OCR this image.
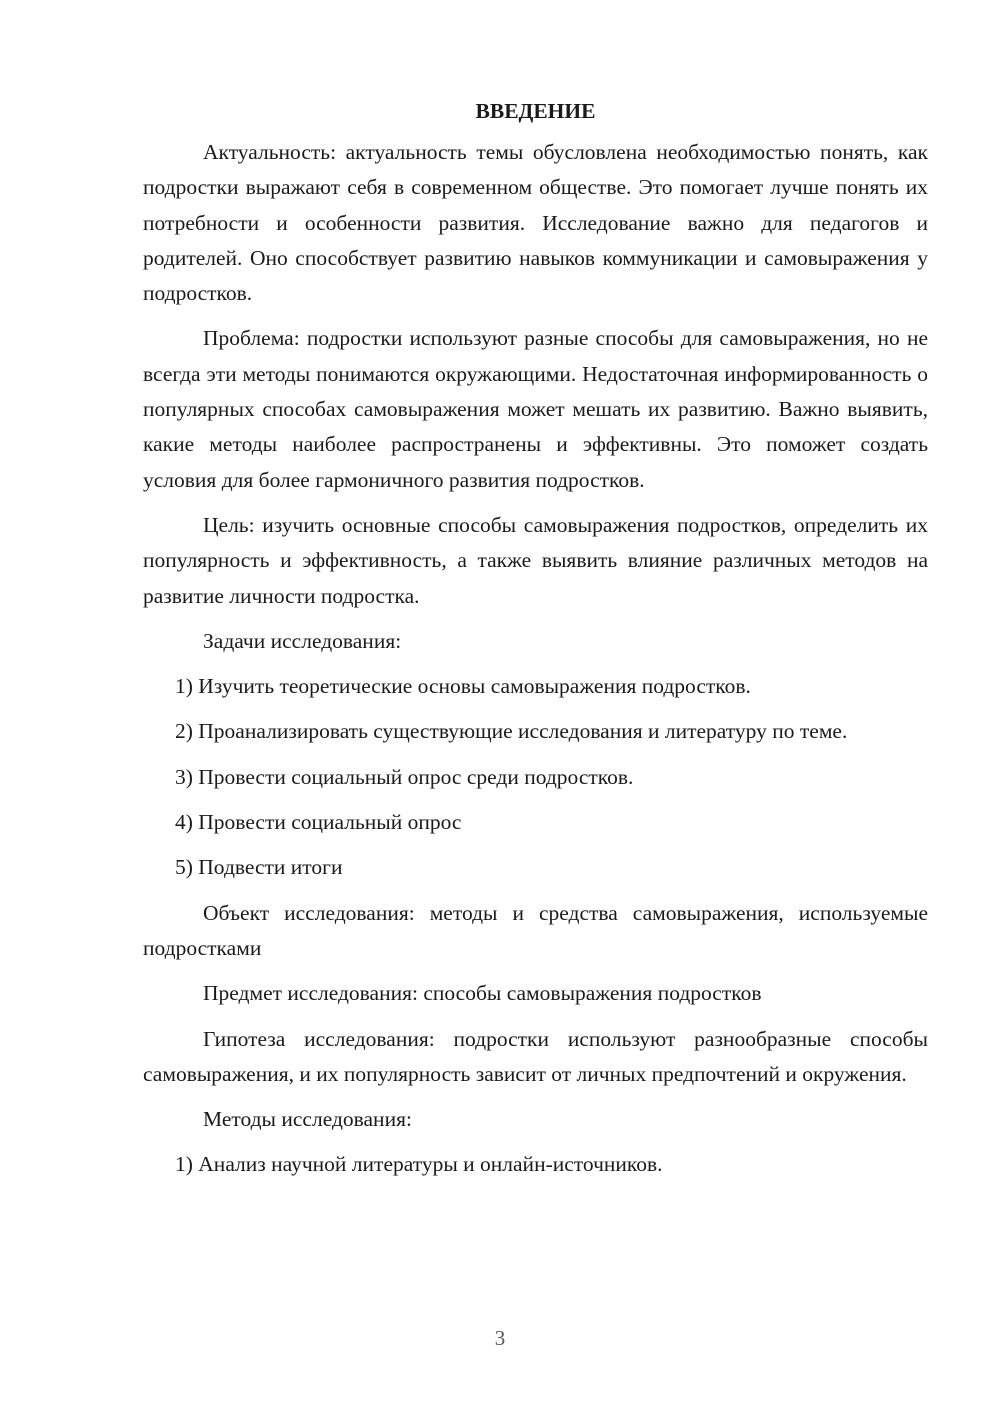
ВВЕДЕНИЕ

Актуальность: актуальность темы обусловлена необходимостью понять, как подростки выражают себя в современном обществе. Это помогает лучше понять их потребности и особенности развития. Исследование важно для педагогов и родителей. Оно способствует развитию навыков коммуникации и самовыражения у подростков.

Проблема: подростки используют разные способы для самовыражения, но не всегда эти методы понимаются окружающими. Недостаточная информированность о популярных способах самовыражения может мешать их развитию. Важно выявить, какие методы наиболее распространены и эффективны. Это поможет создать условия для более гармоничного развития подростков.

Цель: изучить основные способы самовыражения подростков, определить их популярность и эффективность, а также выявить влияние различных методов на развитие личности подростка.

Задачи исследования:

1) Изучить теоретические основы самовыражения подростков.

2) Проанализировать существующие исследования и литературу по теме.

3) Провести социальный опрос среди подростков.

4) Провести социальный опрос

5) Подвести итоги

Объект исследования: методы и средства самовыражения, используемые подростками

Предмет исследования: способы самовыражения подростков

Гипотеза исследования: подростки используют разнообразные способы самовыражения, и их популярность зависит от личных предпочтений и окружения.

Методы исследования:

1) Анализ научной литературы и онлайн-источников.

3
